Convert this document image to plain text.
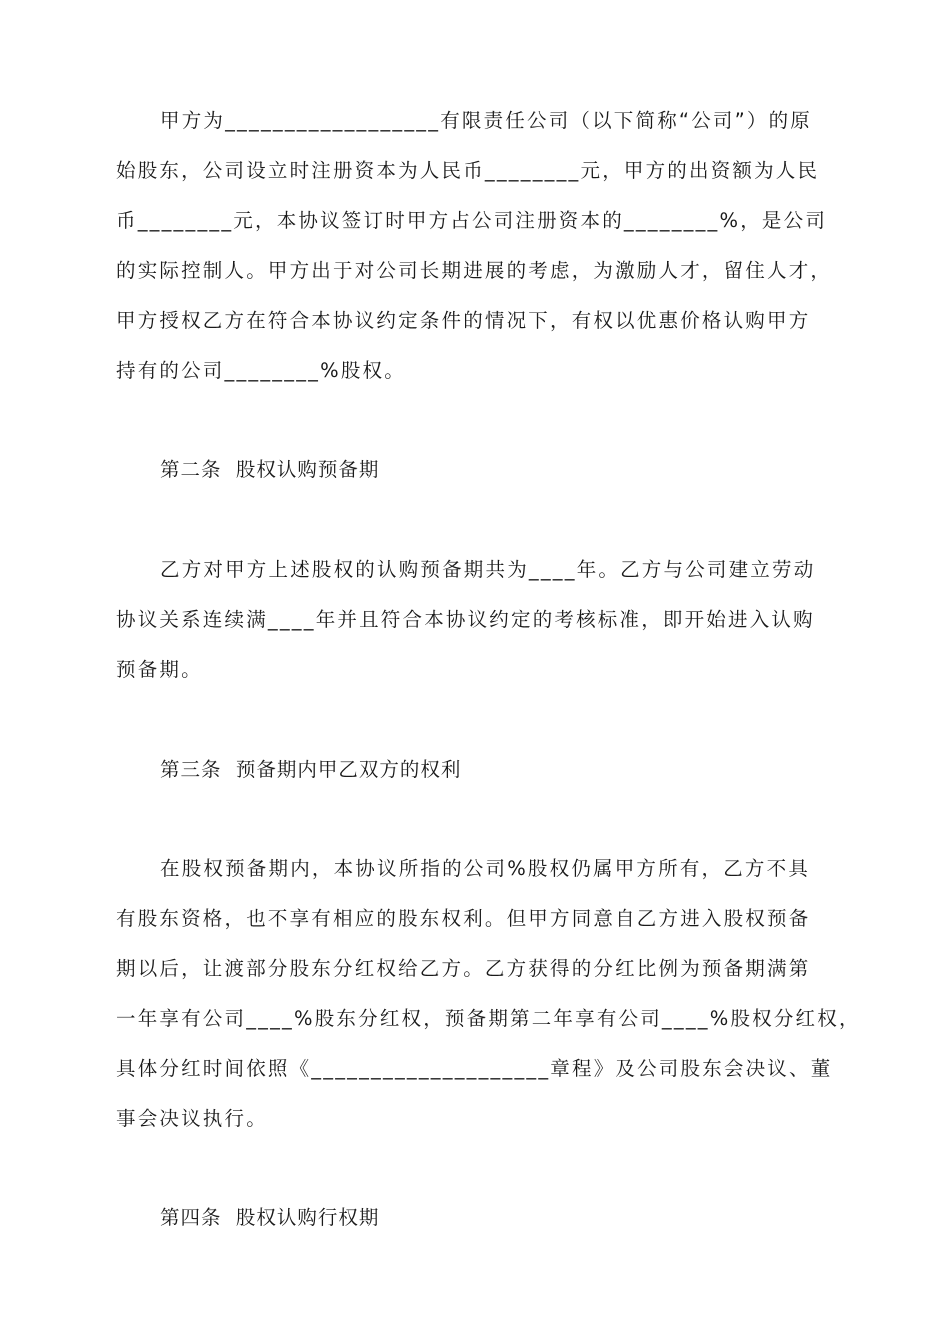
甲方为__________________有限责任公司（以下简称“公司”）的原
始股东，公司设立时注册资本为人民币________元，甲方的出资额为人民
币________元，本协议签订时甲方占公司注册资本的________%，是公司
的实际控制人。甲方出于对公司长期进展的考虑，为激励人才，留住人才，
甲方授权乙方在符合本协议约定条件的情况下，有权以优惠价格认购甲方
持有的公司________%股权。
第二条  股权认购预备期
乙方对甲方上述股权的认购预备期共为____年。乙方与公司建立劳动
协议关系连续满____年并且符合本协议约定的考核标准，即开始进入认购
预备期。
第三条  预备期内甲乙双方的权利
在股权预备期内，本协议所指的公司%股权仍属甲方所有，乙方不具
有股东资格，也不享有相应的股东权利。但甲方同意自乙方进入股权预备
期以后，让渡部分股东分红权给乙方。乙方获得的分红比例为预备期满第
一年享有公司____%股东分红权，预备期第二年享有公司____%股权分红权，
具体分红时间依照《____________________章程》及公司股东会决议、董
事会决议执行。
第四条  股权认购行权期
